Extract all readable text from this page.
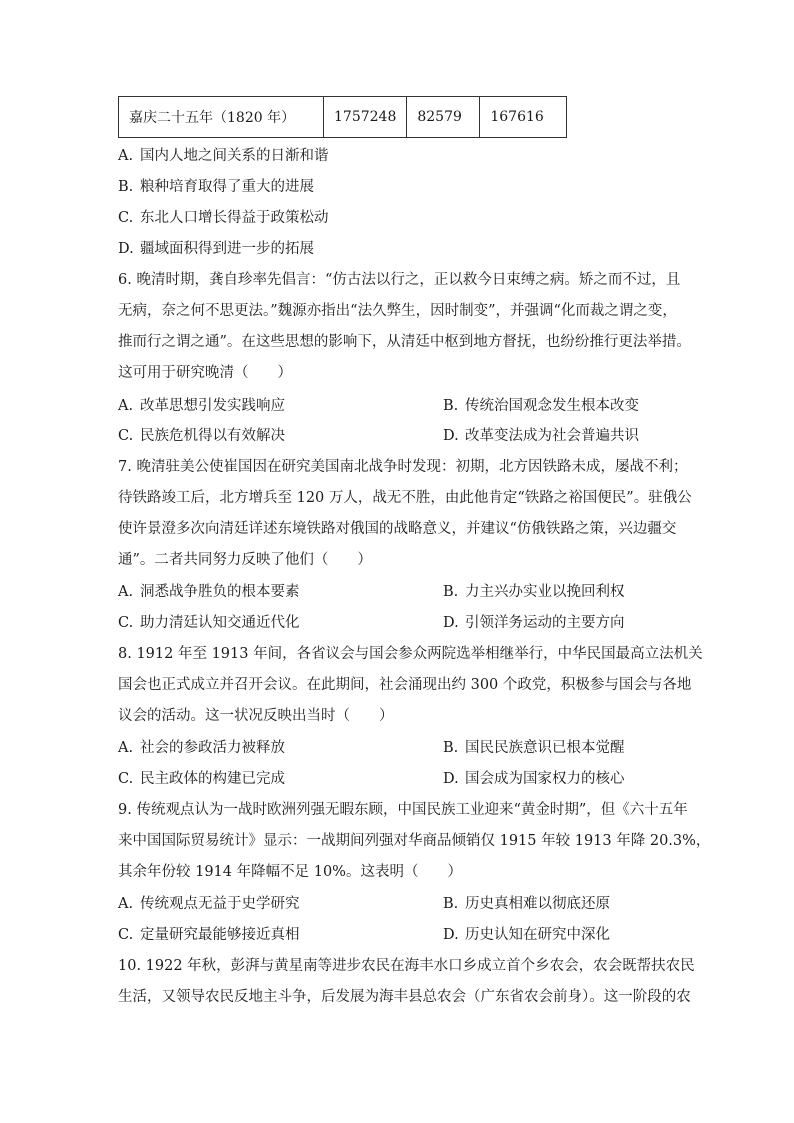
嘉庆二十五年（1820 年）	1757248	82579	167616
A. 国内人地之间关系的日渐和谐
B. 粮种培育取得了重大的进展
C. 东北人口增长得益于政策松动
D. 疆域面积得到进一步的拓展
6. 晚清时期，龚自珍率先倡言：“仿古法以行之，正以救今日束缚之病。矫之而不过，且
无病，奈之何不思更法。”魏源亦指出“法久弊生，因时制变”，并强调“化而裁之谓之变，
推而行之谓之通”。在这些思想的影响下，从清廷中枢到地方督抚，也纷纷推行更法举措。
这可用于研究晚清（　　）
A. 改革思想引发实践响应	B. 传统治国观念发生根本改变
C. 民族危机得以有效解决	D. 改革变法成为社会普遍共识
7. 晚清驻美公使崔国因在研究美国南北战争时发现：初期，北方因铁路未成，屡战不利；
待铁路竣工后，北方增兵至 120 万人，战无不胜，由此他肯定“铁路之裕国便民”。驻俄公
使许景澄多次向清廷详述东境铁路对俄国的战略意义，并建议“仿俄铁路之策，兴边疆交
通”。二者共同努力反映了他们（　　）
A. 洞悉战争胜负的根本要素	B. 力主兴办实业以挽回利权
C. 助力清廷认知交通近代化	D. 引领洋务运动的主要方向
8. 1912 年至 1913 年间，各省议会与国会参众两院选举相继举行，中华民国最高立法机关
国会也正式成立并召开会议。在此期间，社会涌现出约 300 个政党，积极参与国会与各地
议会的活动。这一状况反映出当时（　　）
A. 社会的参政活力被释放	B. 国民民族意识已根本觉醒
C. 民主政体的构建已完成	D. 国会成为国家权力的核心
9. 传统观点认为一战时欧洲列强无暇东顾，中国民族工业迎来“黄金时期”，但《六十五年
来中国国际贸易统计》显示：一战期间列强对华商品倾销仅 1915 年较 1913 年降 20.3%，
其余年份较 1914 年降幅不足 10%。这表明（　　）
A. 传统观点无益于史学研究	B. 历史真相难以彻底还原
C. 定量研究最能够接近真相	D. 历史认知在研究中深化
10. 1922 年秋，彭湃与黄星南等进步农民在海丰水口乡成立首个乡农会，农会既帮扶农民
生活，又领导农民反地主斗争，后发展为海丰县总农会（广东省农会前身）。这一阶段的农
